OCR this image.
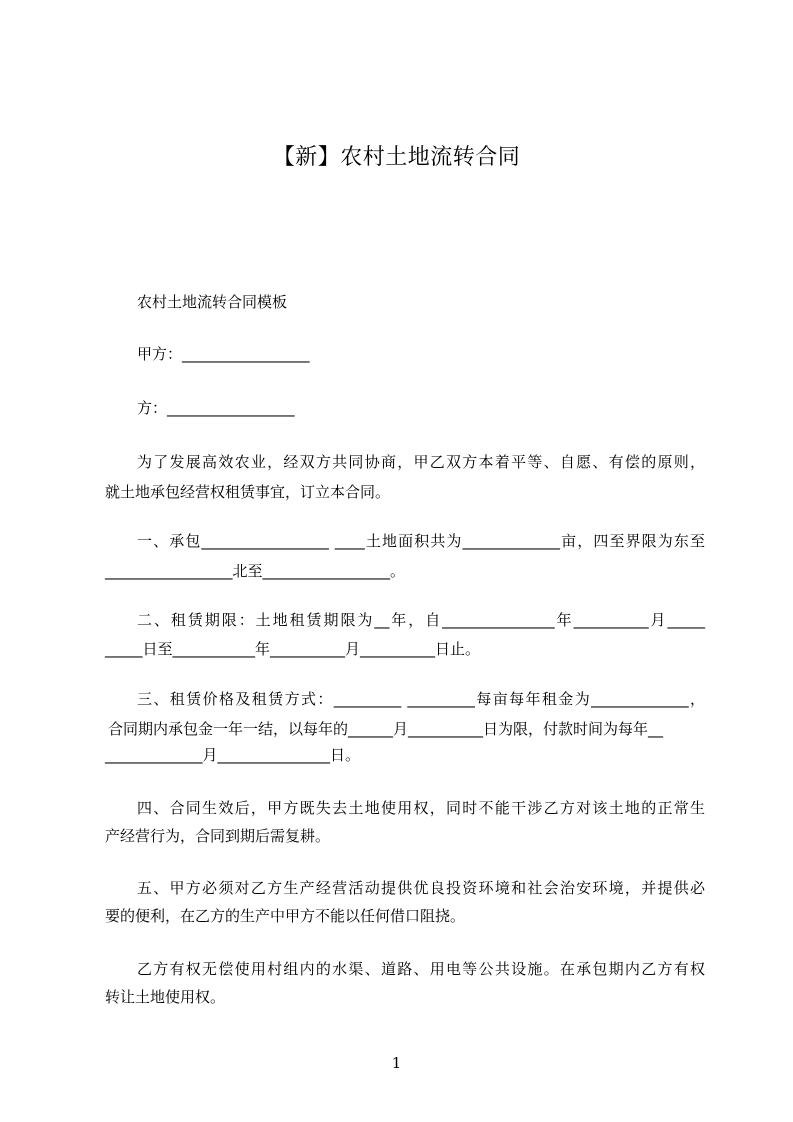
【新】农村土地流转合同
农村土地流转合同模板
甲方：_________________
方：_________________
为了发展高效农业，经双方共同协商，甲乙双方本着平等、自愿、有偿的原则，
就土地承包经营权租赁事宜，订立本合同。
一、承包_________________ ____土地面积共为_____________亩，四至界限为东至
_________________北至_________________。
二、租赁期限：土地租赁期限为__年，自_______________年__________月_____
_____日至___________年__________月__________日止。
三、租赁价格及租赁方式：_________ _________每亩每年租金为_____________，
合同期内承包金一年一结，以每年的______月__________日为限，付款时间为每年__
_____________月_______________日。
四、合同生效后，甲方既失去土地使用权，同时不能干涉乙方对该土地的正常生
产经营行为，合同到期后需复耕。
五、甲方必须对乙方生产经营活动提供优良投资环境和社会治安环境，并提供必
要的便利，在乙方的生产中甲方不能以任何借口阻挠。
乙方有权无偿使用村组内的水渠、道路、用电等公共设施。在承包期内乙方有权
转让土地使用权。
1
